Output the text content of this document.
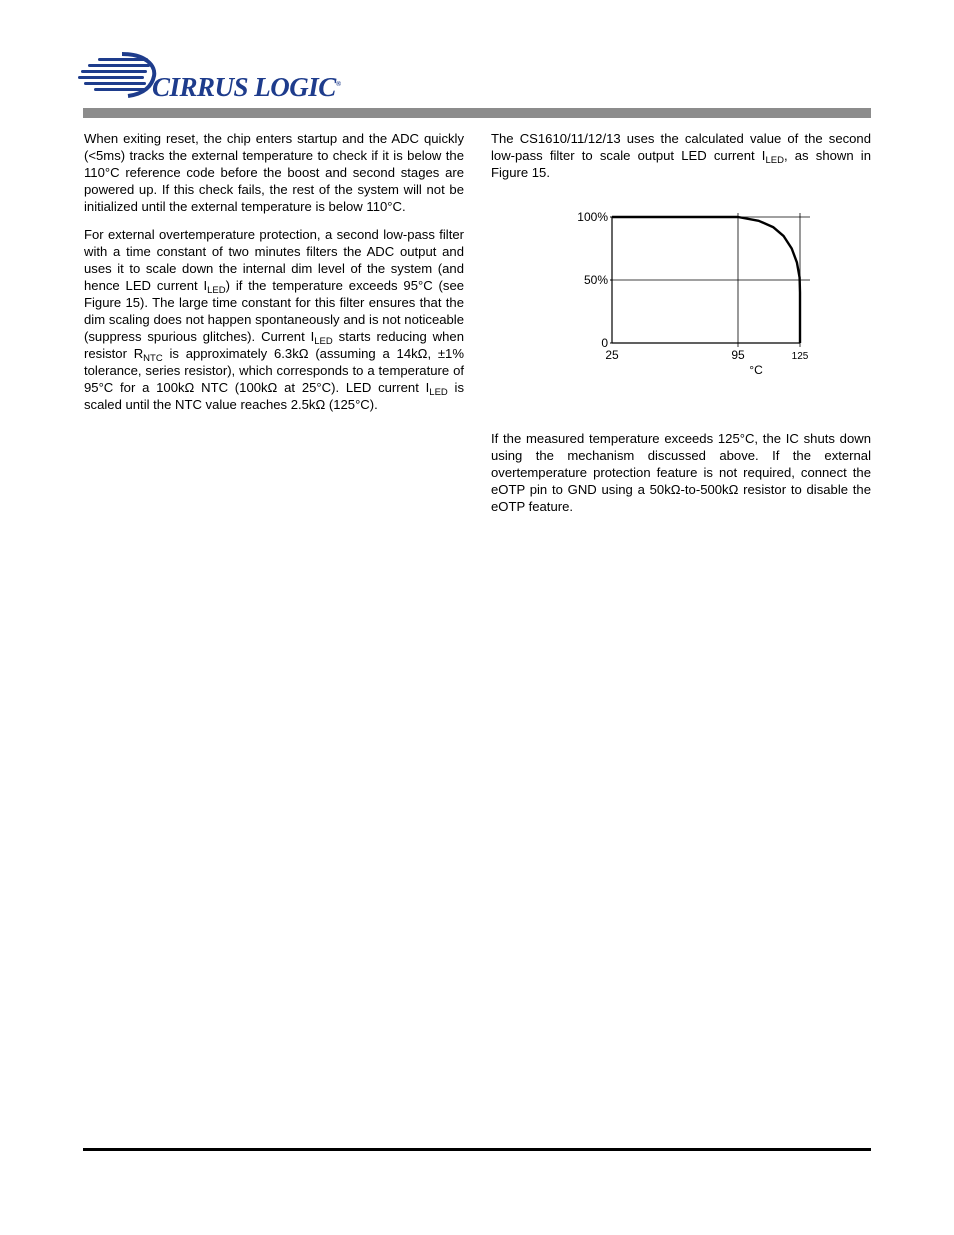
CIRRUS LOGIC®

When exiting reset, the chip enters startup and the ADC quickly (<5ms) tracks the external temperature to check if it is below the 110°C reference code before the boost and second stages are powered up. If this check fails, the rest of the system will not be initialized until the external temperature is below 110°C.

For external overtemperature protection, a second low-pass filter with a time constant of two minutes filters the ADC output and uses it to scale down the internal dim level of the system (and hence LED current $I_{LED}$) if the temperature exceeds 95°C (see Figure 15). The large time constant for this filter ensures that the dim scaling does not happen spontaneously and is not noticeable (suppress spurious glitches). Current $I_{LED}$ starts reducing when resistor $R_{NTC}$ is approximately 6.3kΩ (assuming a 14kΩ, ±1% tolerance, series resistor), which corresponds to a temperature of 95°C for a 100kΩ NTC (100kΩ at 25°C). LED current $I_{LED}$ is scaled until the NTC value reaches 2.5kΩ (125°C).

The CS1610/11/12/13 uses the calculated value of the second low-pass filter to scale output LED current $I_{LED}$, as shown in Figure 15.

0
50%
100%
25	95	125
°C

If the measured temperature exceeds 125°C, the IC shuts down using the mechanism discussed above. If the external overtemperature protection feature is not required, connect the eOTP pin to GND using a 50kΩ-to-500kΩ resistor to disable the eOTP feature.
